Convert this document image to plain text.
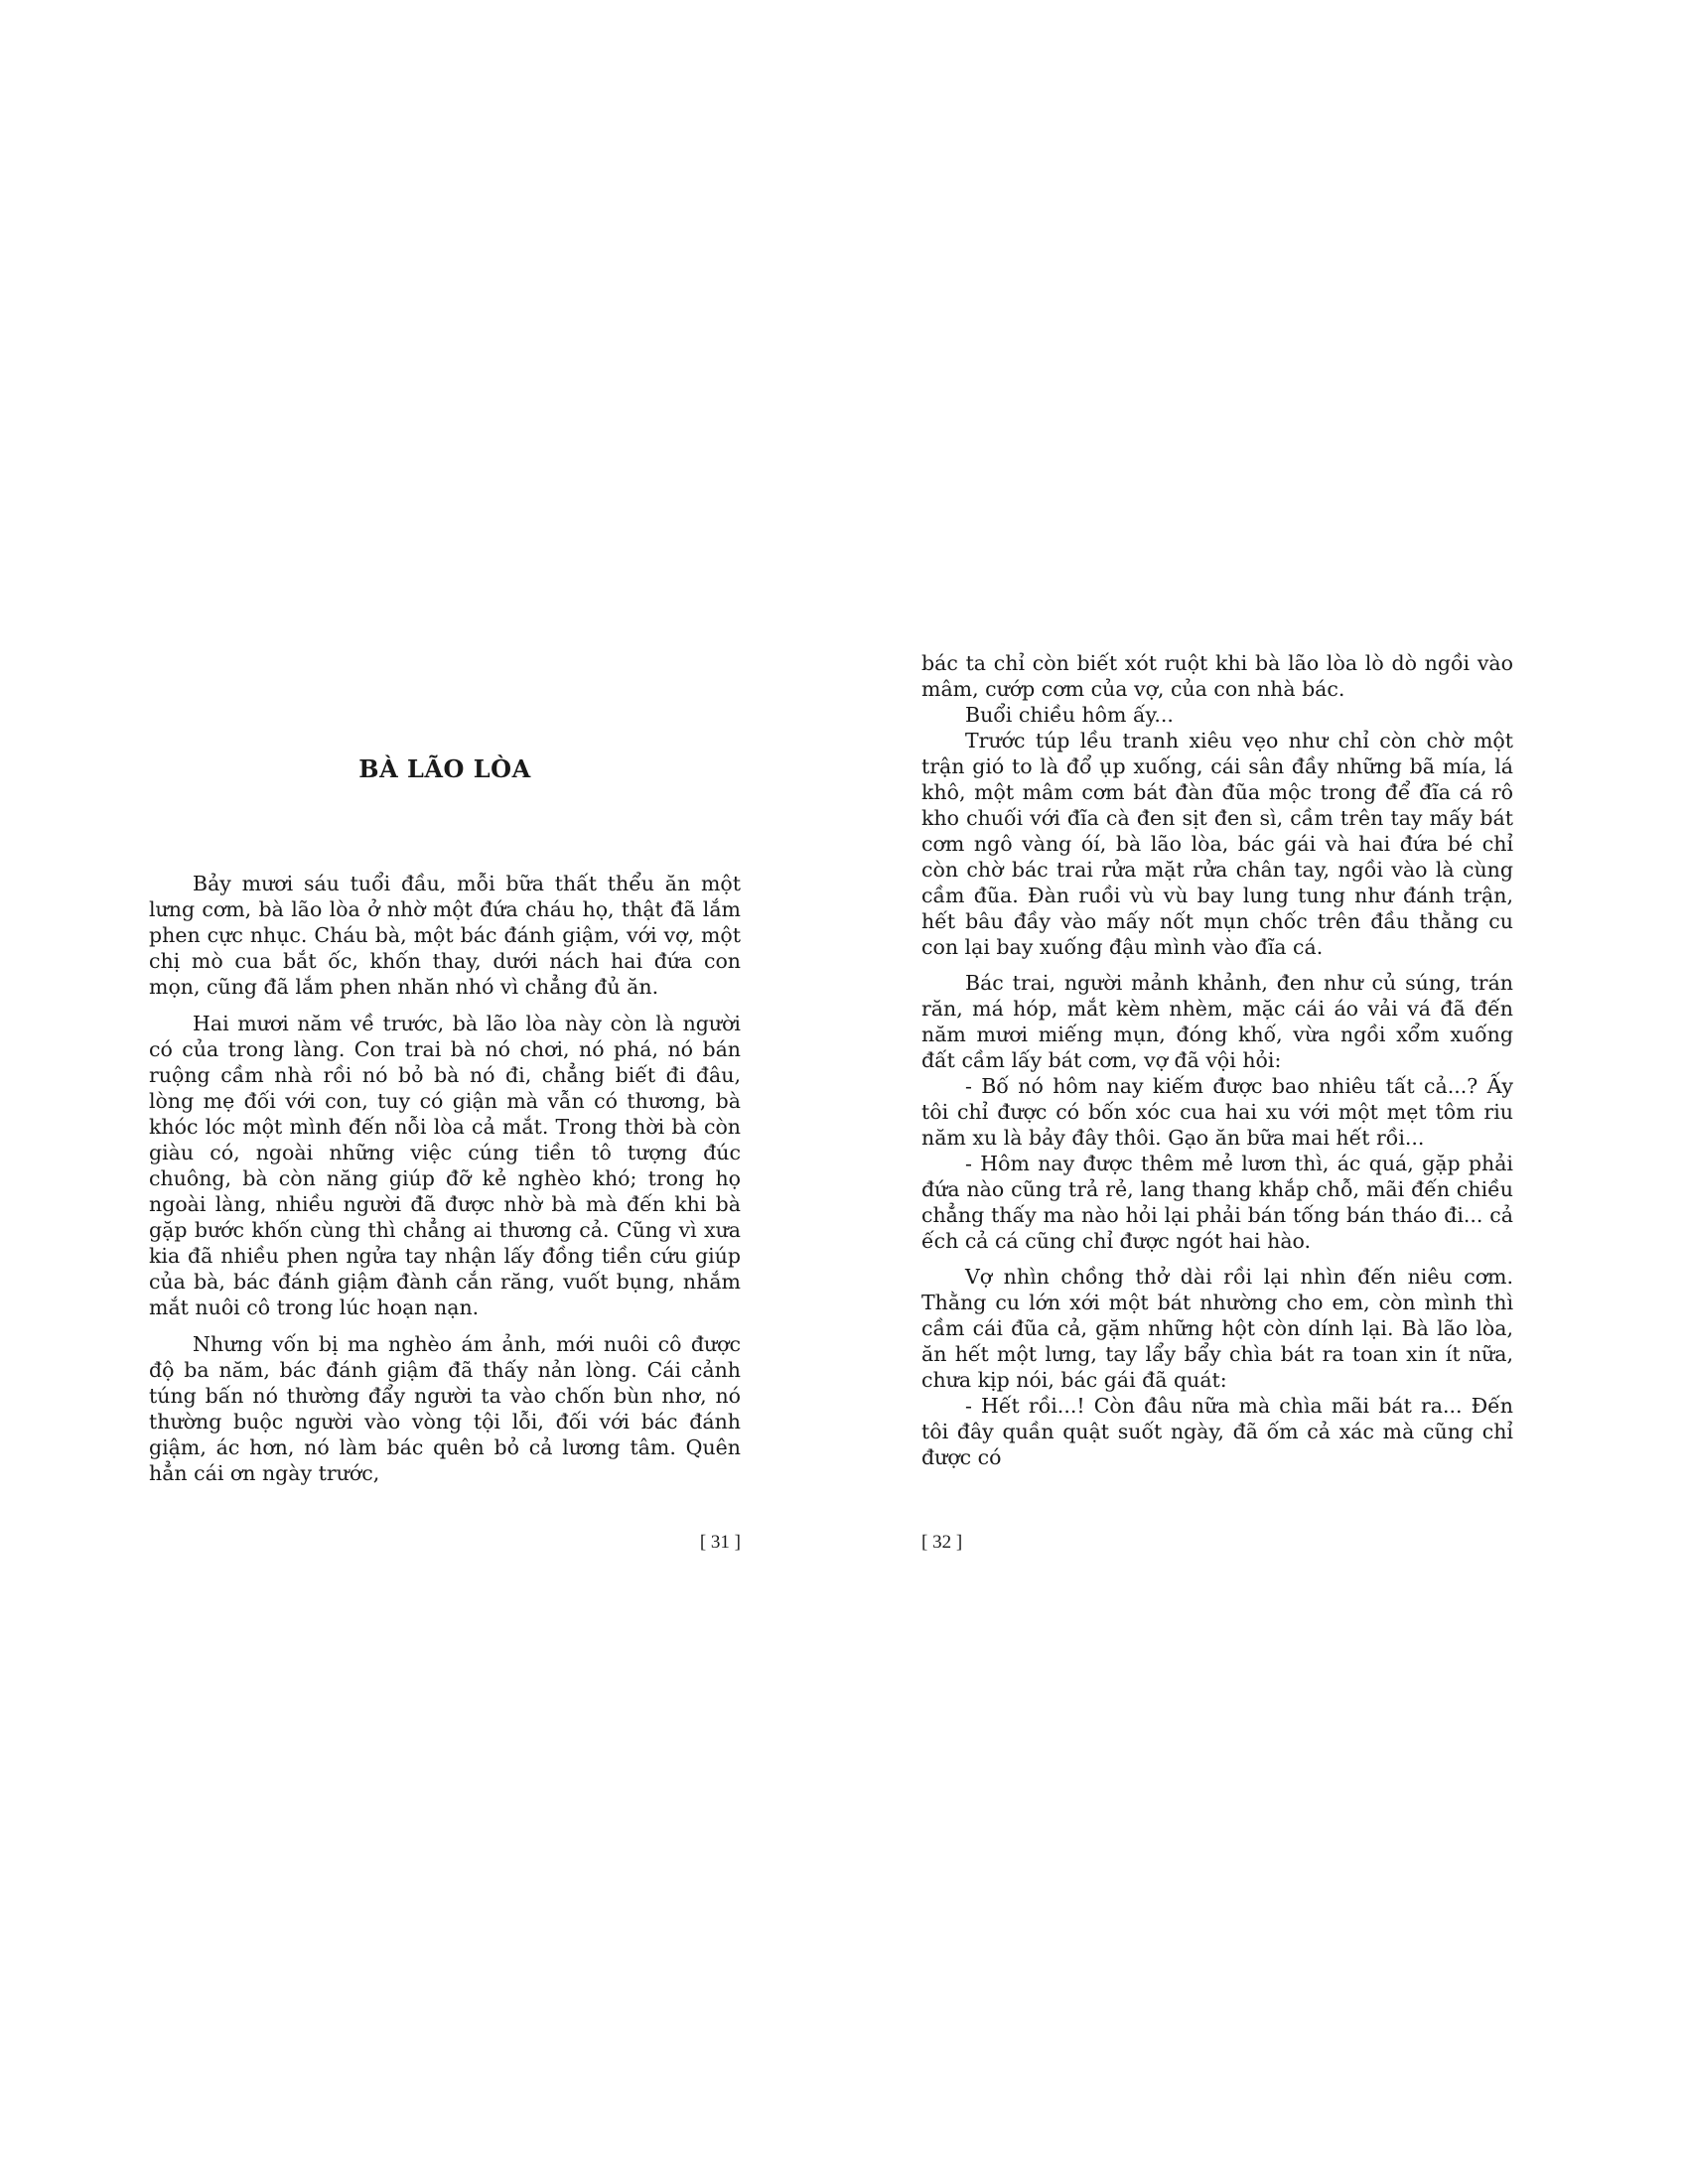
BÀ LÃO LÒA

Bảy mươi sáu tuổi đầu, mỗi bữa thất thểu ăn một lưng cơm, bà lão lòa ở nhờ một đứa cháu họ, thật đã lắm phen cực nhục. Cháu bà, một bác đánh giậm, với vợ, một chị mò cua bắt ốc, khốn thay, dưới nách hai đứa con mọn, cũng đã lắm phen nhăn nhó vì chẳng đủ ăn.

Hai mươi năm về trước, bà lão lòa này còn là người có của trong làng. Con trai bà nó chơi, nó phá, nó bán ruộng cầm nhà rồi nó bỏ bà nó đi, chẳng biết đi đâu, lòng mẹ đối với con, tuy có giận mà vẫn có thương, bà khóc lóc một mình đến nỗi lòa cả mắt. Trong thời bà còn giàu có, ngoài những việc cúng tiền tô tượng đúc chuông, bà còn năng giúp đỡ kẻ nghèo khó; trong họ ngoài làng, nhiều người đã được nhờ bà mà đến khi bà gặp bước khốn cùng thì chẳng ai thương cả. Cũng vì xưa kia đã nhiều phen ngửa tay nhận lấy đồng tiền cứu giúp của bà, bác đánh giậm đành cắn răng, vuốt bụng, nhắm mắt nuôi cô trong lúc hoạn nạn.

Nhưng vốn bị ma nghèo ám ảnh, mới nuôi cô được độ ba năm, bác đánh giậm đã thấy nản lòng. Cái cảnh túng bấn nó thường đẩy người ta vào chốn bùn nhơ, nó thường buộc người vào vòng tội lỗi, đối với bác đánh giậm, ác hơn, nó làm bác quên bỏ cả lương tâm. Quên hẳn cái ơn ngày trước,

[ 31 ]

bác ta chỉ còn biết xót ruột khi bà lão lòa lò dò ngồi vào mâm, cướp cơm của vợ, của con nhà bác.

Buổi chiều hôm ấy...

Trước túp lều tranh xiêu vẹo như chỉ còn chờ một trận gió to là đổ ụp xuống, cái sân đầy những bã mía, lá khô, một mâm cơm bát đàn đũa mộc trong để đĩa cá rô kho chuối với đĩa cà đen sịt đen sì, cầm trên tay mấy bát cơm ngô vàng óí, bà lão lòa, bác gái và hai đứa bé chỉ còn chờ bác trai rửa mặt rửa chân tay, ngồi vào là cùng cầm đũa. Đàn ruồi vù vù bay lung tung như đánh trận, hết bâu đầy vào mấy nốt mụn chốc trên đầu thằng cu con lại bay xuống đậu mình vào đĩa cá.

Bác trai, người mảnh khảnh, đen như củ súng, trán răn, má hóp, mắt kèm nhèm, mặc cái áo vải vá đã đến năm mươi miếng mụn, đóng khố, vừa ngồi xổm xuống đất cầm lấy bát cơm, vợ đã vội hỏi:

- Bố nó hôm nay kiếm được bao nhiêu tất cả...? Ấy tôi chỉ được có bốn xóc cua hai xu với một mẹt tôm riu năm xu là bảy đây thôi. Gạo ăn bữa mai hết rồi...

- Hôm nay được thêm mẻ lươn thì, ác quá, gặp phải đứa nào cũng trả rẻ, lang thang khắp chỗ, mãi đến chiều chẳng thấy ma nào hỏi lại phải bán tống bán tháo đi... cả ếch cả cá cũng chỉ được ngót hai hào.

Vợ nhìn chồng thở dài rồi lại nhìn đến niêu cơm. Thằng cu lớn xới một bát nhường cho em, còn mình thì cầm cái đũa cả, gặm những hột còn dính lại. Bà lão lòa, ăn hết một lưng, tay lẩy bẩy chìa bát ra toan xin ít nữa, chưa kịp nói, bác gái đã quát:

- Hết rồi...! Còn đâu nữa mà chìa mãi bát ra... Đến tôi đây quần quật suốt ngày, đã ốm cả xác mà cũng chỉ được có

[ 32 ]
